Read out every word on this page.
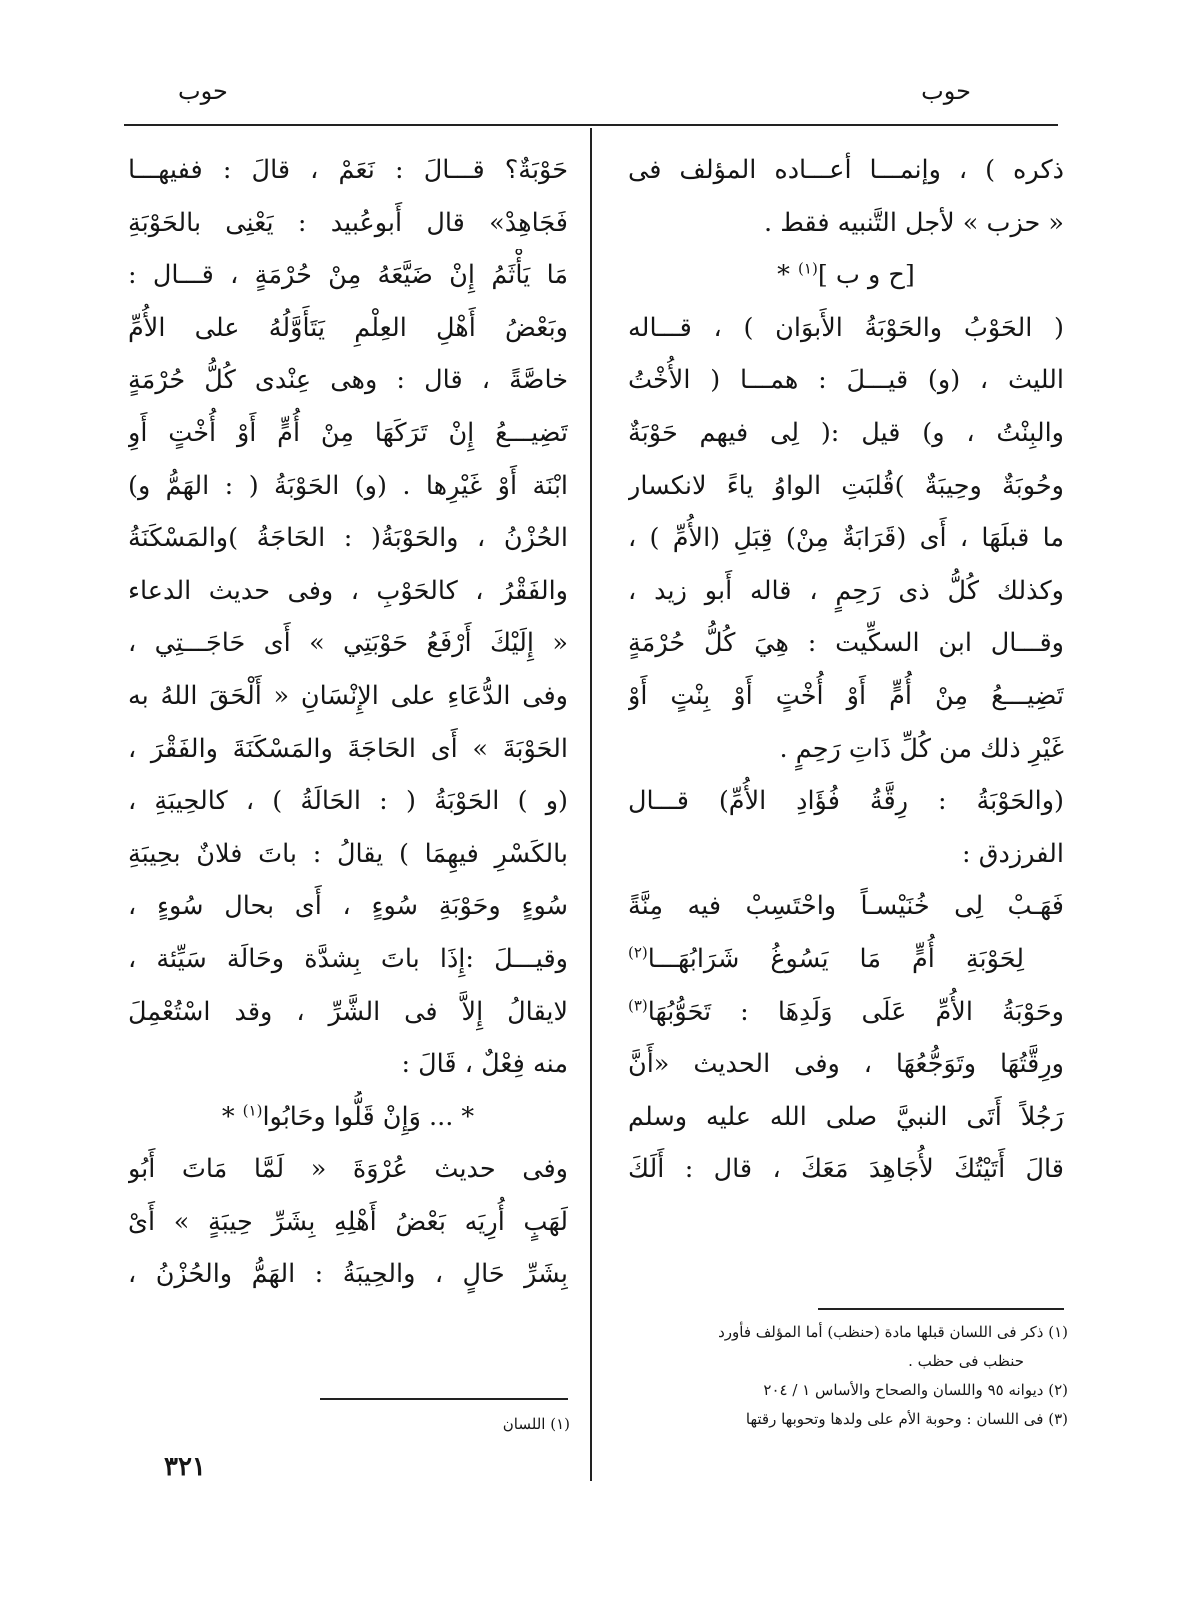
حوب
حوب
ذكره ) ، وإنمـــا أعـــاده المؤلف فى
« حزب » لأجل التَّنبيه فقط .
[ح و ب ]$^{(١)}$ *
( الحَوْبُ والحَوْبَةُ الأَبوَان ) ، قـــاله
الليث ، (و) قيـــلَ : همـــا ( الأُخْتُ
والبِنْتُ ، و) قيل :( لِى فيهم حَوْبَةٌ
وحُوبَةٌ وحِيبَةٌ )قُلبَتِ الواوُ ياءً لانكسار
ما قبلَهَا ، أَى (قَرَابَةٌ مِنْ) قِبَلِ (الأُمِّ ) ،
وكذلك كُلُّ ذى رَحِمٍ ، قاله أَبو زيد ،
وقـــال ابن السكِّيت : هِيَ كُلُّ حُرْمَةٍ
تَضِيـــعُ مِنْ أُمٍّ أَوْ أُخْتٍ أَوْ بِنْتٍ أَوْ
غَيْرِ ذلك من كُلِّ ذَاتِ رَحِمٍ .
(والحَوْبَةُ : رِقَّةُ فُؤَادِ الأُمِّ) قـــال
الفرزدق :
فَهَـبْ لِى خُنَيْسـاً واحْتَسِبْ فيه مِنَّةً
لِحَوْبَةِ أُمٍّ مَا يَسُوغُ شَرَابُهَـــا$^{(٢)}$
وحَوْبَةُ الأُمِّ عَلَى وَلَدِهَا : تَحَوُّبُهَا$^{(٣)}$
ورِقَّتُهَا وتَوَجُّعُهَا ، وفى الحديث «أَنَّ
رَجُلاً أَتَى النبيَّ صلى الله عليه وسلم
قالَ أَتَيْتُكَ لأُجَاهِدَ مَعَكَ ، قال : أَلَكَ
حَوْبَةٌ؟ قـــالَ : نَعَمْ ، قالَ : ففيهـــا
فَجَاهِدْ» قال أَبوعُبيد : يَعْنِى بالحَوْبَةِ
مَا يَأْثَمُ إِنْ ضَيَّعَهُ مِنْ حُرْمَةٍ ، قـــال :
وبَعْضُ أَهْلِ العِلْمِ يَتَأَوَّلُهُ على الأُمِّ
خاصَّةً ، قال : وهى عِنْدى كُلُّ حُرْمَةٍ
تَضِيـــعُ إِنْ تَرَكَهَا مِنْ أُمٍّ أَوْ أُخْتٍ أَوِ
ابْنَة أَوْ غَيْرِها . (و) الحَوْبَةُ ( : الهَمُّ و)
الحُزْنُ ، والحَوْبَةُ( : الحَاجَةُ )والمَسْكَنَةُ
والفَقْرُ ، كالحَوْبِ ، وفى حديث الدعاء
« إِلَيْكَ أَرْفَعُ حَوْبَتِي » أَى حَاجَـــتِي ،
وفى الدُّعَاءِ على الإِنْسَانِ « أَلْحَقَ اللهُ به
الحَوْبَةَ » أَى الحَاجَةَ والمَسْكَنَةَ والفَقْرَ ،
(و ) الحَوْبَةُ ( : الحَالَةُ ) ، كالحِيبَةِ ،
بالكَسْرِ فيهِمَا ) يقالُ : باتَ فلانٌ بحِيبَةِ
سُوءٍ وحَوْبَةِ سُوءٍ ، أَى بحال سُوءٍ ،
وقيـــلَ :إِذَا باتَ بِشدَّة وحَالَة سَيِّئة ،
لايقالُ إِلاَّ فى الشَّرِّ ، وقد اسْتُعْمِلَ
منه فِعْلٌ ، قَالَ :
* ... وَإِنْ قَلُّوا وحَابُوا$^{(١)}$ *
وفى حديث عُرْوَةَ « لَمَّا مَاتَ أَبُو
لَهَبٍ أُرِيَه بَعْضُ أَهْلِهِ بِشَرِّ حِيبَةٍ » أَىْ
بِشَرِّ حَالٍ ، والحِيبَةُ : الهَمُّ والحُزْنُ ،
(١) ذكر فى اللسان قبلها مادة (حنظب) أما المؤلف فأورد
حنظب فى حظب .
(٢) ديوانه ٩٥ واللسان والصحاح والأساس ١ / ٢٠٤
(٣) فى اللسان : وحوبة الأم على ولدها وتحوبها رقتها
(١) اللسان
٣٢١
